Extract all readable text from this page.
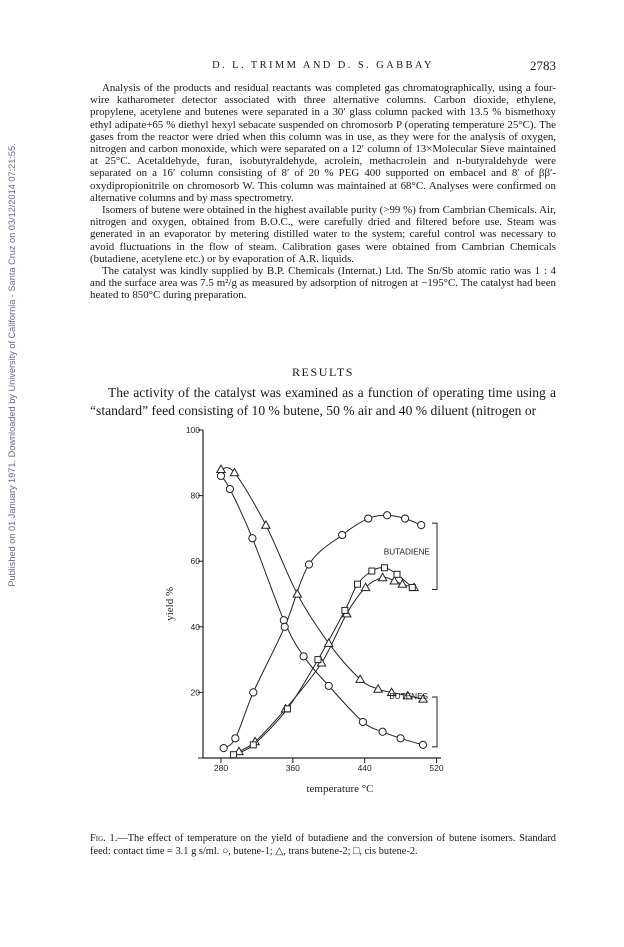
Published on 01 January 1971. Downloaded by University of California - Santa Cruz on 03/12/2014 07:21:55.
D. L. TRIMM AND D. S. GABBAY	2783

Analysis of the products and residual reactants was completed gas chromatographically, using a four-wire katharometer detector associated with three alternative columns. Carbon dioxide, ethylene, propylene, acetylene and butenes were separated in a 30′ glass column packed with 13.5 % bismethoxy ethyl adipate+65 % diethyl hexyl sebacate suspended on chromosorb P (operating temperature 25°C). The gases from the reactor were dried when this column was in use, as they were for the analysis of oxygen, nitrogen and carbon monoxide, which were separated on a 12′ column of 13×Molecular Sieve maintained at 25°C. Acetaldehyde, furan, isobutyraldehyde, acrolein, methacrolein and n-butyraldehyde were separated on a 16′ column consisting of 8′ of 20 % PEG 400 supported on embacel and 8′ of ββ′-oxydipropionitrile on chromosorb W. This column was maintained at 68°C. Analyses were confirmed on alternative columns and by mass spectrometry.

Isomers of butene were obtained in the highest available purity (>99 %) from Cambrian Chemicals. Air, nitrogen and oxygen, obtained from B.O.C., were carefully dried and filtered before use. Steam was generated in an evaporator by metering distilled water to the system; careful control was necessary to avoid fluctuations in the flow of steam. Calibration gases were obtained from Cambrian Chemicals (butadiene, acetylene etc.) or by evaporation of A.R. liquids.

The catalyst was kindly supplied by B.P. Chemicals (Internat.) Ltd. The Sn/Sb atomic ratio was 1 : 4 and the surface area was 7.5 m²/g as measured by adsorption of nitrogen at −195°C. The catalyst had been heated to 850°C during preparation.

RESULTS

The activity of the catalyst was examined as a function of operating time using a “standard” feed consisting of 10 % butene, 50 % air and 40 % diluent (nitrogen or

20
40
60
80
100
280	360	440	520
temperature °C
yield %
BUTADIENE
BUTENES

Fig. 1.—The effect of temperature on the yield of butadiene and the conversion of butene isomers. Standard feed: contact time = 3.1 g s/ml. ○, butene-1; △, trans butene-2; □, cis butene-2.
